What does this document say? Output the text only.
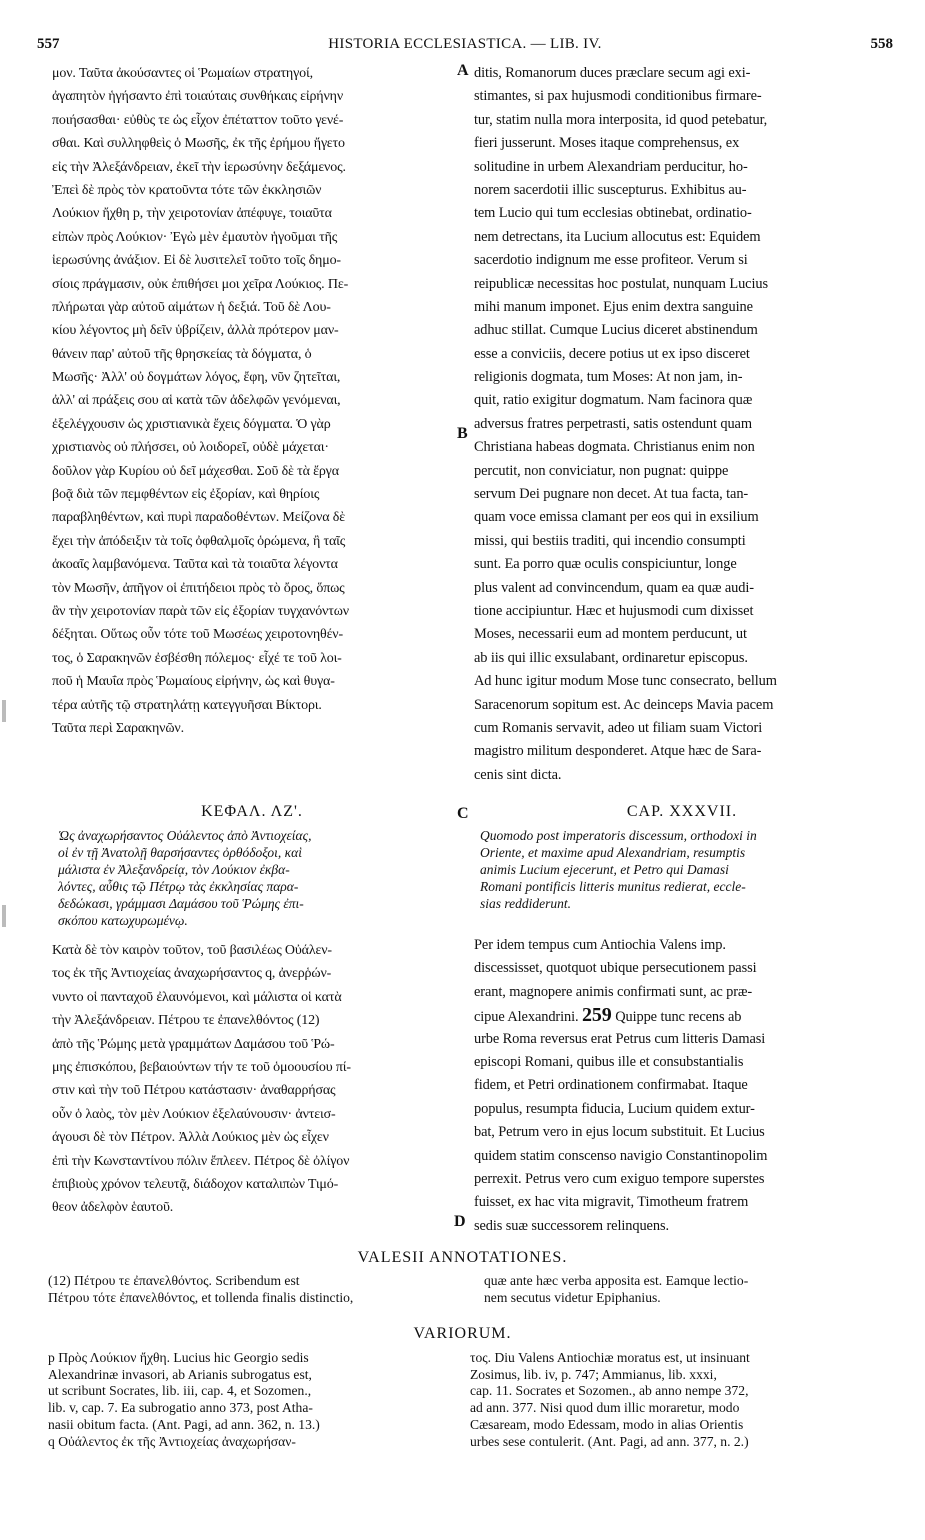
557	HISTORIA ECCLESIASTICA. — LIB. IV.	558
A
B
C
D
μον. Ταῦτα ἀκούσαντες οἱ Ῥωμαίων στρατηγοί,
ἀγαπητὸν ἡγήσαντο ἐπὶ τοιαύταις συνθήκαις εἰρήνην
ποιήσασθαι· εὐθὺς τε ὡς εἶχον ἐπέταττον τοῦτο γενέ-
σθαι. Καὶ συλληφθεὶς ὁ Μωσῆς, ἐκ τῆς ἐρήμου ἤγετο
εἰς τὴν Ἀλεξάνδρειαν, ἐκεῖ τὴν ἱερωσύνην δεξάμενος.
Ἐπεὶ δὲ πρὸς τὸν κρατοῦντα τότε τῶν ἐκκλησιῶν
Λούκιον ἤχθη p, τὴν χειροτονίαν ἀπέφυγε, τοιαῦτα
εἰπὼν πρὸς Λούκιον· Ἐγὼ μὲν ἐμαυτὸν ἡγοῦμαι τῆς
ἱερωσύνης ἀνάξιον. Εἰ δὲ λυσιτελεῖ τοῦτο τοῖς δημο-
σίοις πράγμασιν, οὐκ ἐπιθήσει μοι χεῖρα Λούκιος. Πε-
πλήρωται γὰρ αὐτοῦ αἱμάτων ἡ δεξιά. Τοῦ δὲ Λου-
κίου λέγοντος μὴ δεῖν ὑβρίζειν, ἀλλὰ πρότερον μαν-
θάνειν παρ' αὐτοῦ τῆς θρησκείας τὰ δόγματα, ὁ
Μωσῆς· Ἀλλ' οὐ δογμάτων λόγος, ἔφη, νῦν ζητεῖται,
ἀλλ' αἱ πράξεις σου αἱ κατὰ τῶν ἀδελφῶν γενόμεναι,
ἐξελέγχουσιν ὡς χριστιανικὰ ἔχεις δόγματα. Ὁ γὰρ
χριστιανὸς οὐ πλήσσει, οὐ λοιδορεῖ, οὐδὲ μάχεται·
δοῦλον γὰρ Κυρίου οὐ δεῖ μάχεσθαι. Σοῦ δὲ τὰ ἔργα
βοᾷ διὰ τῶν πεμφθέντων εἰς ἐξορίαν, καὶ θηρίοις
παραβληθέντων, καὶ πυρὶ παραδοθέντων. Μείζονα δὲ
ἔχει τὴν ἀπόδειξιν τὰ τοῖς ὀφθαλμοῖς ὁρώμενα, ἢ ταῖς
ἀκοαῖς λαμβανόμενα. Ταῦτα καὶ τὰ τοιαῦτα λέγοντα
τὸν Μωσῆν, ἀπῆγον οἱ ἐπιτήδειοι πρὸς τὸ ὄρος, ὅπως
ἂν τὴν χειροτονίαν παρὰ τῶν εἰς ἐξορίαν τυγχανόντων
δέξηται. Οὕτως οὖν τότε τοῦ Μωσέως χειροτονηθέν-
τος, ὁ Σαρακηνῶν ἐσβέσθη πόλεμος· εἶχέ τε τοῦ λοι-
ποῦ ἡ Μαυΐα πρὸς Ῥωμαίους εἰρήνην, ὡς καὶ θυγα-
τέρα αὐτῆς τῷ στρατηλάτῃ κατεγγυῆσαι Βίκτορι.
Ταῦτα περὶ Σαρακηνῶν.
ditis, Romanorum duces præclare secum agi exi-
stimantes, si pax hujusmodi conditionibus firmare-
tur, statim nulla mora interposita, id quod petebatur,
fieri jusserunt. Moses itaque comprehensus, ex
solitudine in urbem Alexandriam perducitur, ho-
norem sacerdotii illic suscepturus. Exhibitus au-
tem Lucio qui tum ecclesias obtinebat, ordinatio-
nem detrectans, ita Lucium allocutus est: Equidem
sacerdotio indignum me esse profiteor. Verum si
reipublicæ necessitas hoc postulat, nunquam Lucius
mihi manum imponet. Ejus enim dextra sanguine
adhuc stillat. Cumque Lucius diceret abstinendum
esse a conviciis, decere potius ut ex ipso disceret
religionis dogmata, tum Moses: At non jam, in-
quit, ratio exigitur dogmatum. Nam facinora quæ
adversus fratres perpetrasti, satis ostendunt quam
Christiana habeas dogmata. Christianus enim non
percutit, non conviciatur, non pugnat: quippe
servum Dei pugnare non decet. At tua facta, tan-
quam voce emissa clamant per eos qui in exsilium
missi, qui bestiis traditi, qui incendio consumpti
sunt. Ea porro quæ oculis conspiciuntur, longe
plus valent ad convincendum, quam ea quæ audi-
tione accipiuntur. Hæc et hujusmodi cum dixisset
Moses, necessarii eum ad montem perducunt, ut
ab iis qui illic exsulabant, ordinaretur episcopus.
Ad hunc igitur modum Mose tunc consecrato, bellum
Saracenorum sopitum est. Ac deinceps Mavia pacem
cum Romanis servavit, adeo ut filiam suam Victori
magistro militum desponderet. Atque hæc de Sara-
cenis sint dicta.
ΚΕΦΑΛ. ΛΖ'.
Ὡς ἀναχωρήσαντος Οὐάλεντος ἀπὸ Ἀντιοχείας,
οἱ ἐν τῇ Ἀνατολῇ θαρσήσαντες ὀρθόδοξοι, καὶ
μάλιστα ἐν Ἀλεξανδρείᾳ, τὸν Λούκιον ἐκβα-
λόντες, αὖθις τῷ Πέτρῳ τὰς ἐκκλησίας παρα-
δεδώκασι, γράμμασι Δαμάσου τοῦ Ῥώμης ἐπι-
σκόπου κατωχυρωμένῳ.
Κατὰ δὲ τὸν καιρὸν τοῦτον, τοῦ βασιλέως Οὐάλεν-
τος ἐκ τῆς Ἀντιοχείας ἀναχωρήσαντος q, ἀνερῥών-
νυντο οἱ πανταχοῦ ἐλαυνόμενοι, καὶ μάλιστα οἱ κατὰ
τὴν Ἀλεξάνδρειαν. Πέτρου τε ἐπανελθόντος (12)
ἀπὸ τῆς Ῥώμης μετὰ γραμμάτων Δαμάσου τοῦ Ῥώ-
μης ἐπισκόπου, βεβαιούντων τήν τε τοῦ ὁμοουσίου πί-
στιν καὶ τὴν τοῦ Πέτρου κατάστασιν· ἀναθαρρήσας
οὖν ὁ λαὸς, τὸν μὲν Λούκιον ἐξελαύνουσιν· ἀντεισ-
άγουσι δὲ τὸν Πέτρον. Ἀλλὰ Λούκιος μὲν ὡς εἶχεν
ἐπὶ τὴν Κωνσταντίνου πόλιν ἔπλεεν. Πέτρος δὲ ὀλίγον
ἐπιβιοὺς χρόνον τελευτᾷ, διάδοχον καταλιπὼν Τιμό-
θεον ἀδελφὸν ἑαυτοῦ.
CAP. XXXVII.
Quomodo post imperatoris discessum, orthodoxi in
Oriente, et maxime apud Alexandriam, resumptis
animis Lucium ejecerunt, et Petro qui Damasi
Romani pontificis litteris munitus redierat, eccle-
sias reddiderunt.
Per idem tempus cum Antiochia Valens imp.
discessisset, quotquot ubique persecutionem passi
erant, magnopere animis confirmati sunt, ac præ-
cipue Alexandrini. 259 Quippe tunc recens ab
urbe Roma reversus erat Petrus cum litteris Damasi
episcopi Romani, quibus ille et consubstantialis
fidem, et Petri ordinationem confirmabat. Itaque
populus, resumpta fiducia, Lucium quidem extur-
bat, Petrum vero in ejus locum substituit. Et Lucius
quidem statim conscenso navigio Constantinopolim
perrexit. Petrus vero cum exiguo tempore superstes
fuisset, ex hac vita migravit, Timotheum fratrem
sedis suæ successorem relinquens.
VALESII ANNOTATIONES.
(12) Πέτρου τε ἐπανελθόντος. Scribendum est
Πέτρου τότε ἐπανελθόντος, et tollenda finalis distinctio,
quæ ante hæc verba apposita est. Eamque lectio-
nem secutus videtur Epiphanius.
VARIORUM.
p Πρὸς Λούκιον ἤχθη. Lucius hic Georgio sedis
Alexandrinæ invasori, ab Arianis subrogatus est,
ut scribunt Socrates, lib. iii, cap. 4, et Sozomen.,
lib. v, cap. 7. Ea subrogatio anno 373, post Atha-
nasii obitum facta. (Ant. Pagi, ad ann. 362, n. 13.)
q Οὐάλεντος ἐκ τῆς Ἀντιοχείας ἀναχωρήσαν-
τος. Diu Valens Antiochiæ moratus est, ut insinuant
Zosimus, lib. iv, p. 747; Ammianus, lib. xxxi,
cap. 11. Socrates et Sozomen., ab anno nempe 372,
ad ann. 377. Nisi quod dum illic moraretur, modo
Cæsaream, modo Edessam, modo in alias Orientis
urbes sese contulerit. (Ant. Pagi, ad ann. 377, n. 2.)
